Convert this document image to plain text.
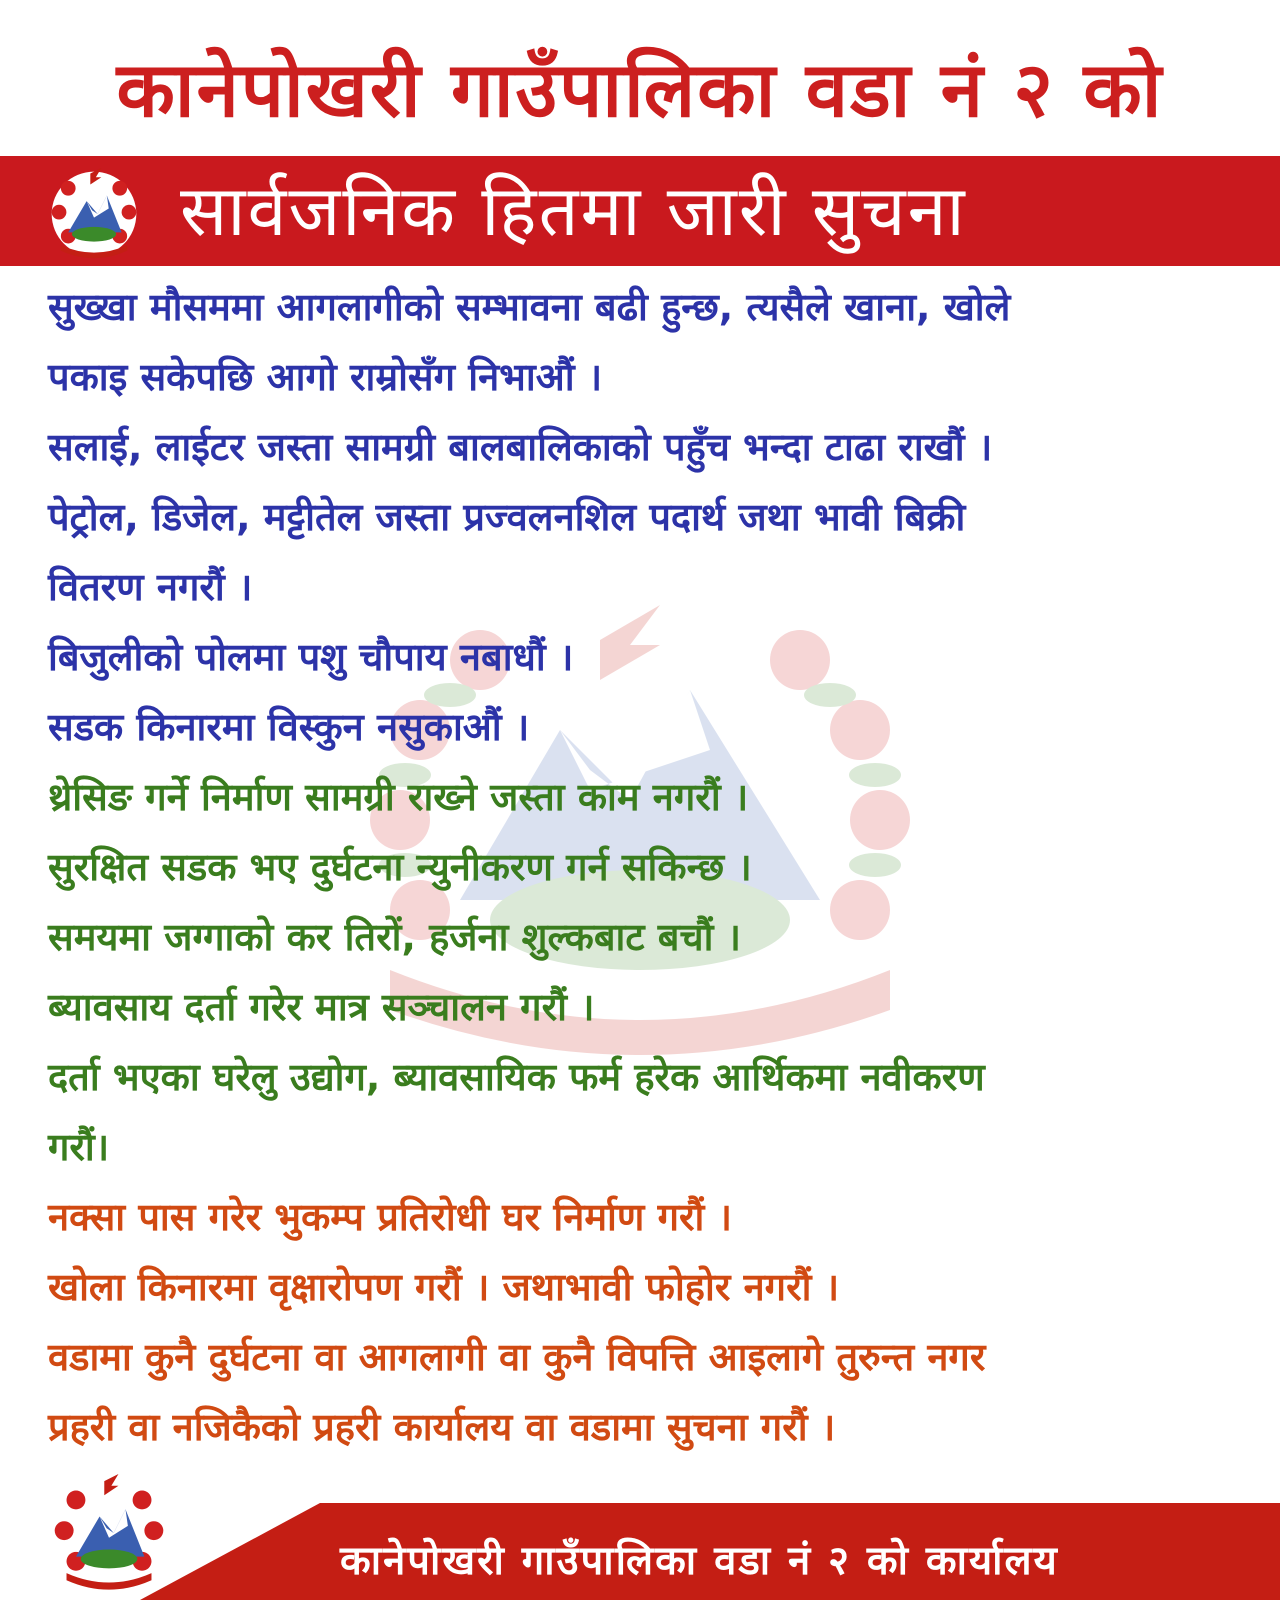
कानेपोखरी गाउँपालिका वडा नं २ को
सार्वजनिक हितमा जारी सुचना
सुख्खा मौसममा आगलागीको सम्भावना बढी हुन्छ, त्यसैले खाना, खोले
पकाइ सकेपछि आगो राम्रोसँग निभाऔं ।
सलाई, लाईटर जस्ता सामग्री बालबालिकाको पहुँच भन्दा टाढा राखौं ।
पेट्रोल, डिजेल, मट्टीतेल जस्ता प्रज्वलनशिल पदार्थ जथा भावी बिक्री
वितरण नगरौं ।
बिजुलीको पोलमा पशु चौपाय नबाधौं ।
सडक किनारमा विस्कुन नसुकाऔं ।
थ्रेसिङ गर्ने निर्माण सामग्री राख्ने जस्ता काम नगरौं ।
सुरक्षित सडक भए दुर्घटना न्युनीकरण गर्न सकिन्छ ।
समयमा जग्गाको कर तिरों, हर्जना शुल्कबाट बचौं ।
ब्यावसाय दर्ता गरेर मात्र सञ्चालन गरौं ।
दर्ता भएका घरेलु उद्योग, ब्यावसायिक फर्म हरेक आर्थिकमा नवीकरण
गरौं।
नक्सा पास गरेर भुकम्प प्रतिरोधी घर निर्माण गरौं ।
खोला किनारमा वृक्षारोपण गरौं । जथाभावी फोहोर नगरौं ।
वडामा कुनै दुर्घटना वा आगलागी वा कुनै विपत्ति आइलागे तुरुन्त नगर
प्रहरी वा नजिकैको प्रहरी कार्यालय वा वडामा सुचना गरौं ।
कानेपोखरी गाउँपालिका वडा नं २ को कार्यालय
